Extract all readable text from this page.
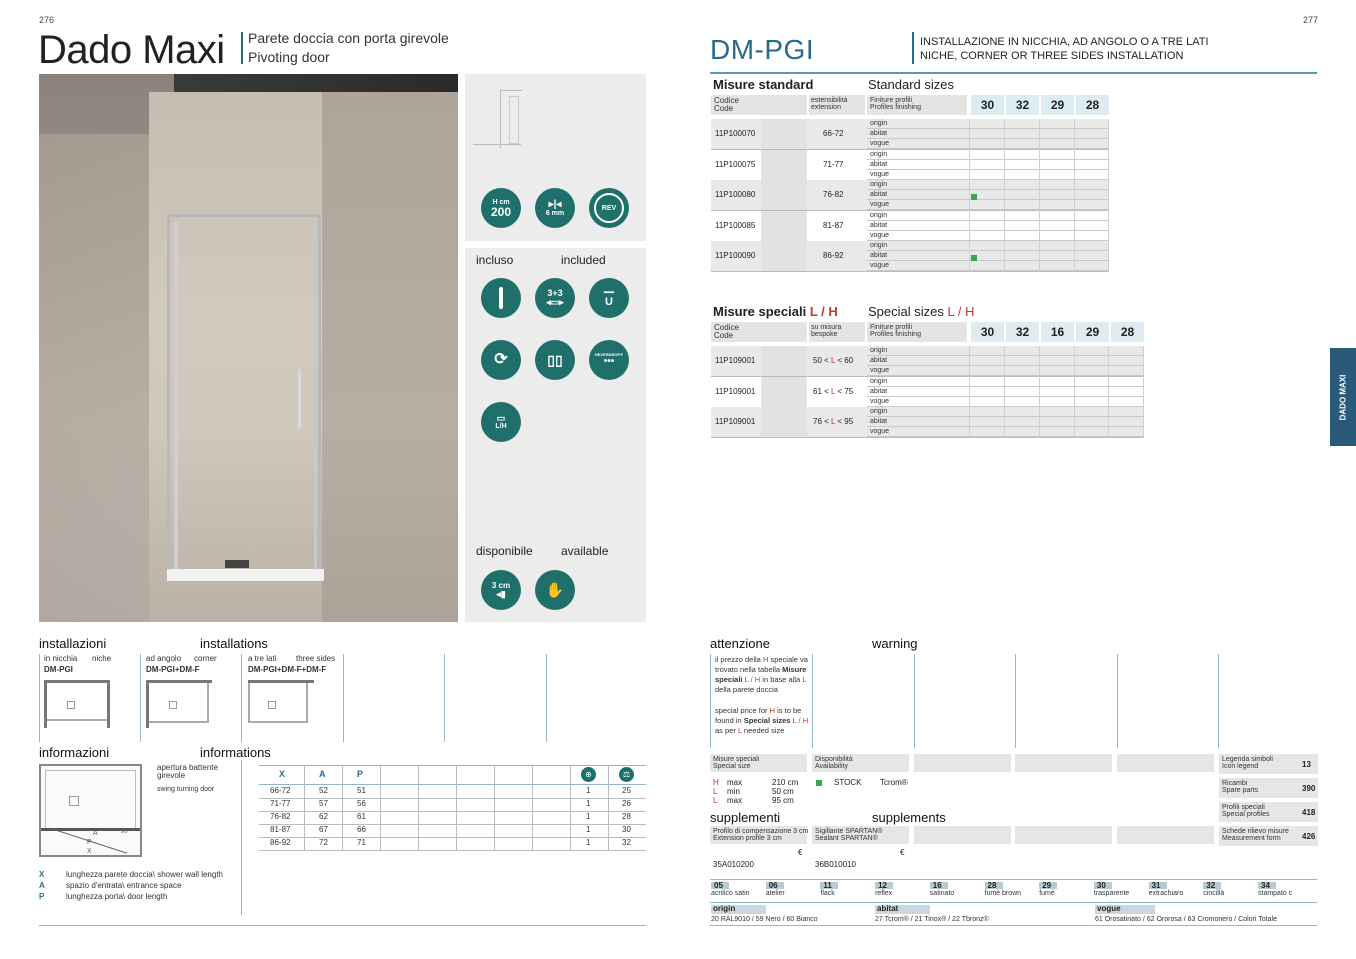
276
Dado Maxi Parete doccia con porta girevole
Pivoting door
H cm
200
▸|◂
6 mm
REV
incluso	included
3+3
◂▭▸
━━
U
⟳	▯▯	NEVERDROP®
•••
▭
L/H
disponibile available
3 cm
◂▮	✋
installazioni	installations
in nicchia niche
DM-PGI
ad angolo corner
DM-PGI+DM-F
a tre lati three sides
DM-PGI+DM-F+DM-F
informazioni	informations
A
P
X
90°
apertura battente girevole
swing turning door
X	A	P	⊕	⚖
66-72	52	51	1	25
71-77	57	56	1	26
76-82	62	61	1	28
81-87	67	66	1	30
86-92	72	71	1	32
X	lunghezza parete doccia\ shower wall length
A	spazio d'entrata\ entrance space
P	lunghezza porta\ door length
277
DM-PGI	INSTALLAZIONE IN NICCHIA, AD ANGOLO O A TRE LATI
NICHE, CORNER OR THREE SIDES INSTALLATION
DADO MAXI
Misure standard	Standard sizes
Codice
Code
estensibilità
extension
Finiture profili
Profiles finishing	30	32	29	28
11P100070	66-72
origin
abitat
vogue
11P100075	71-77
origin
abitat
vogue
11P100080	76-82
origin
abitat
vogue
11P100085	81-87
origin
abitat
vogue
11P100090	86-92
origin
abitat
vogue
Misure speciali L / H Special sizes L / H
Codice
Code
su misura
bespoke
Finiture profili
Profiles finishing	30	32	16	29	28
11P109001	50 < L < 60
origin
abitat
vogue
11P109001	61 < L < 75
origin
abitat
vogue
11P109001	76 < L < 95
origin
abitat
vogue
attenzione	warning
il prezzo della H speciale va
trovato nella tabella Misure
speciali L / H in base alla L
della parete doccia
special price for H is to be
found in Special sizes L / H
as per L needed size
Misure speciali
Special size
H max	210 cm
L min	50 cm
L max	95 cm
Disponibilità
Availability
STOCK Tcrom®
Legenda simboli
Icon legend	13
Ricambi
Spare parts	390
Profili speciali
Special profiles	418
Schede rilievo misure
Measurement form	426
supplementi	supplements
Profilo di compensazione 3 cm
Extension profile 3 cm
€
35A010200
Sigillante SPARTAN®
Sealant SPARTAN®
€
36B010010
05
acrilico satin
06
atelier
11
flack
12
reflex
16
satinato
28
fumè brown
29
fumè
30
trasparente
31
extrachiaro
32
cincillà
34
stampato c
origin
20 RAL9010 / 59 Nero / 60 Bianco
abitat
27 Tcrom® / 21 Tinox® / 22 Tbronz®
vogue
61 Orosatinato / 62 Ororosa / 63 Cromonero / Colori Totale
